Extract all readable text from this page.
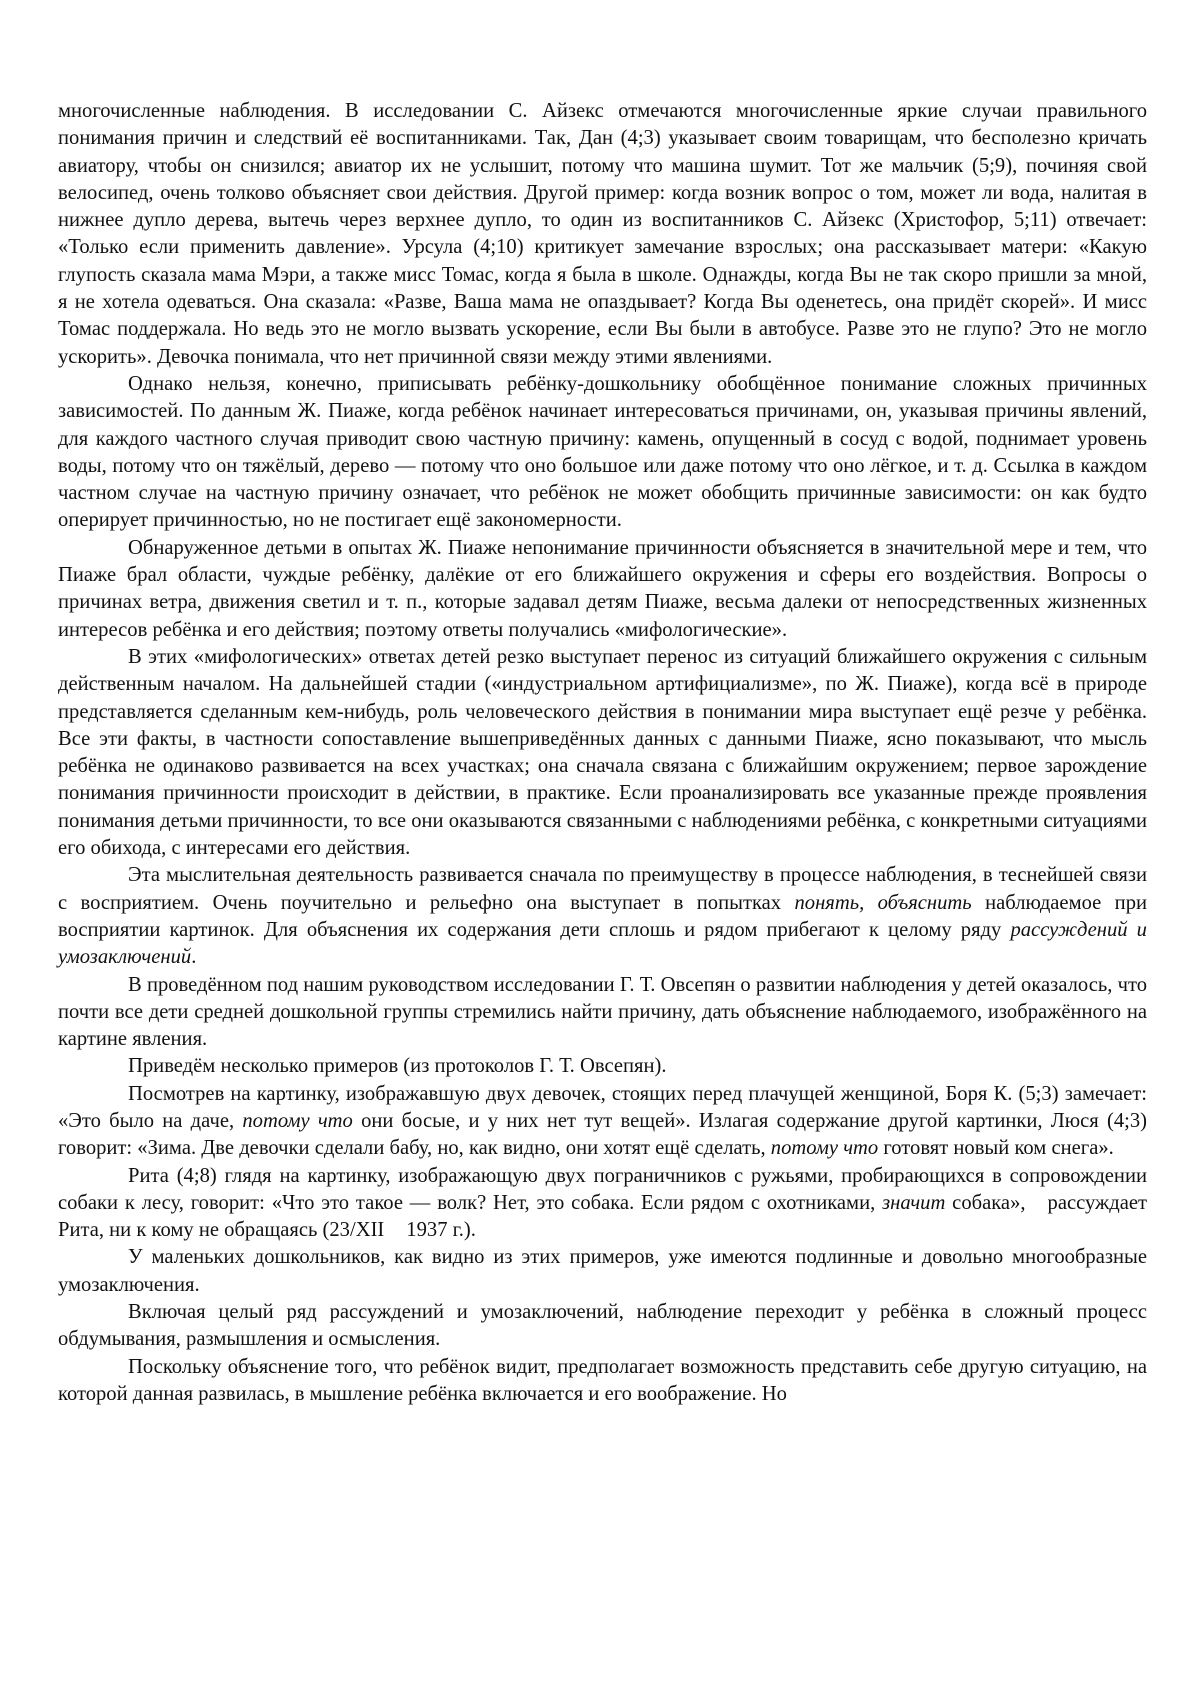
многочисленные наблюдения. В исследовании С. Айзекс отмечаются многочисленные яркие случаи правильного понимания причин и следствий её воспитанниками. Так, Дан (4;3) указывает своим товарищам, что бесполезно кричать авиатору, чтобы он снизился; авиатор их не услышит, потому что машина шумит. Тот же мальчик (5;9), починяя свой велосипед, очень толково объясняет свои действия. Другой пример: когда возник вопрос о том, может ли вода, налитая в нижнее дупло дерева, вытечь через верхнее дупло, то один из воспитанников С. Айзекс (Христофор, 5;11) отвечает: «Только если применить давление». Урсула (4;10) критикует замечание взрослых; она рассказывает матери: «Какую глупость сказала мама Мэри, а также мисс Томас, когда я была в школе. Однажды, когда Вы не так скоро пришли за мной, я не хотела одеваться. Она сказала: «Разве, Ваша мама не опаздывает? Когда Вы оденетесь, она придёт скорей». И мисс Томас поддержала. Но ведь это не могло вызвать ускорение, если Вы были в автобусе. Разве это не глупо? Это не могло ускорить». Девочка понимала, что нет причинной связи между этими явлениями.

Однако нельзя, конечно, приписывать ребёнку-дошкольнику обобщённое понимание сложных причинных зависимостей. По данным Ж. Пиаже, когда ребёнок начинает интересоваться причинами, он, указывая причины явлений, для каждого частного случая приводит свою частную причину: камень, опущенный в сосуд с водой, поднимает уровень воды, потому что он тяжёлый, дерево — потому что оно большое или даже потому что оно лёгкое, и т. д. Ссылка в каждом частном случае на частную причину означает, что ребёнок не может обобщить причинные зависимости: он как будто оперирует причинностью, но не постигает ещё закономерности.

Обнаруженное детьми в опытах Ж. Пиаже непонимание причинности объясняется в значительной мере и тем, что Пиаже брал области, чуждые ребёнку, далёкие от его ближайшего окружения и сферы его воздействия. Вопросы о причинах ветра, движения светил и т. п., которые задавал детям Пиаже, весьма далеки от непосредственных жизненных интересов ребёнка и его действия; поэтому ответы получались «мифологические».

В этих «мифологических» ответах детей резко выступает перенос из ситуаций ближайшего окружения с сильным действенным началом. На дальнейшей стадии («индустриальном артифициализме», по Ж. Пиаже), когда всё в природе представляется сделанным кем-нибудь, роль человеческого действия в понимании мира выступает ещё резче у ребёнка. Все эти факты, в частности сопоставление вышеприведённых данных с данными Пиаже, ясно показывают, что мысль ребёнка не одинаково развивается на всех участках; она сначала связана с ближайшим окружением; первое зарождение понимания причинности происходит в действии, в практике. Если проанализировать все указанные прежде проявления понимания детьми причинности, то все они оказываются связанными с наблюдениями ребёнка, с конкретными ситуациями его обихода, с интересами его действия.

Эта мыслительная деятельность развивается сначала по преимуществу в процессе наблюдения, в теснейшей связи с восприятием. Очень поучительно и рельефно она выступает в попытках понять, объяснить наблюдаемое при восприятии картинок. Для объяснения их содержания дети сплошь и рядом прибегают к целому ряду рассуждений и умозаключений.

В проведённом под нашим руководством исследовании Г. Т. Овсепян о развитии наблюдения у детей оказалось, что почти все дети средней дошкольной группы стремились найти причину, дать объяснение наблюдаемого, изображённого на картине явления.

Приведём несколько примеров (из протоколов Г. Т. Овсепян).

Посмотрев на картинку, изображавшую двух девочек, стоящих перед плачущей женщиной, Боря К. (5;3) замечает: «Это было на даче, потому что они босые, и у них нет тут вещей». Излагая содержание другой картинки, Люся (4;3) говорит: «Зима. Две девочки сделали бабу, но, как видно, они хотят ещё сделать, потому что готовят новый ком снега».

Рита (4;8) глядя на картинку, изображающую двух пограничников с ружьями, пробирающихся в сопровождении собаки к лесу, говорит: «Что это такое — волк? Нет, это собака. Если рядом с охотниками, значит собака», рассуждает Рита, ни к кому не обращаясь (23/XII 1937 г.).

У маленьких дошкольников, как видно из этих примеров, уже имеются подлинные и довольно многообразные умозаключения.

Включая целый ряд рассуждений и умозаключений, наблюдение переходит у ребёнка в сложный процесс обдумывания, размышления и осмысления.

Поскольку объяснение того, что ребёнок видит, предполагает возможность представить себе другую ситуацию, на которой данная развилась, в мышление ребёнка включается и его воображение. Но
